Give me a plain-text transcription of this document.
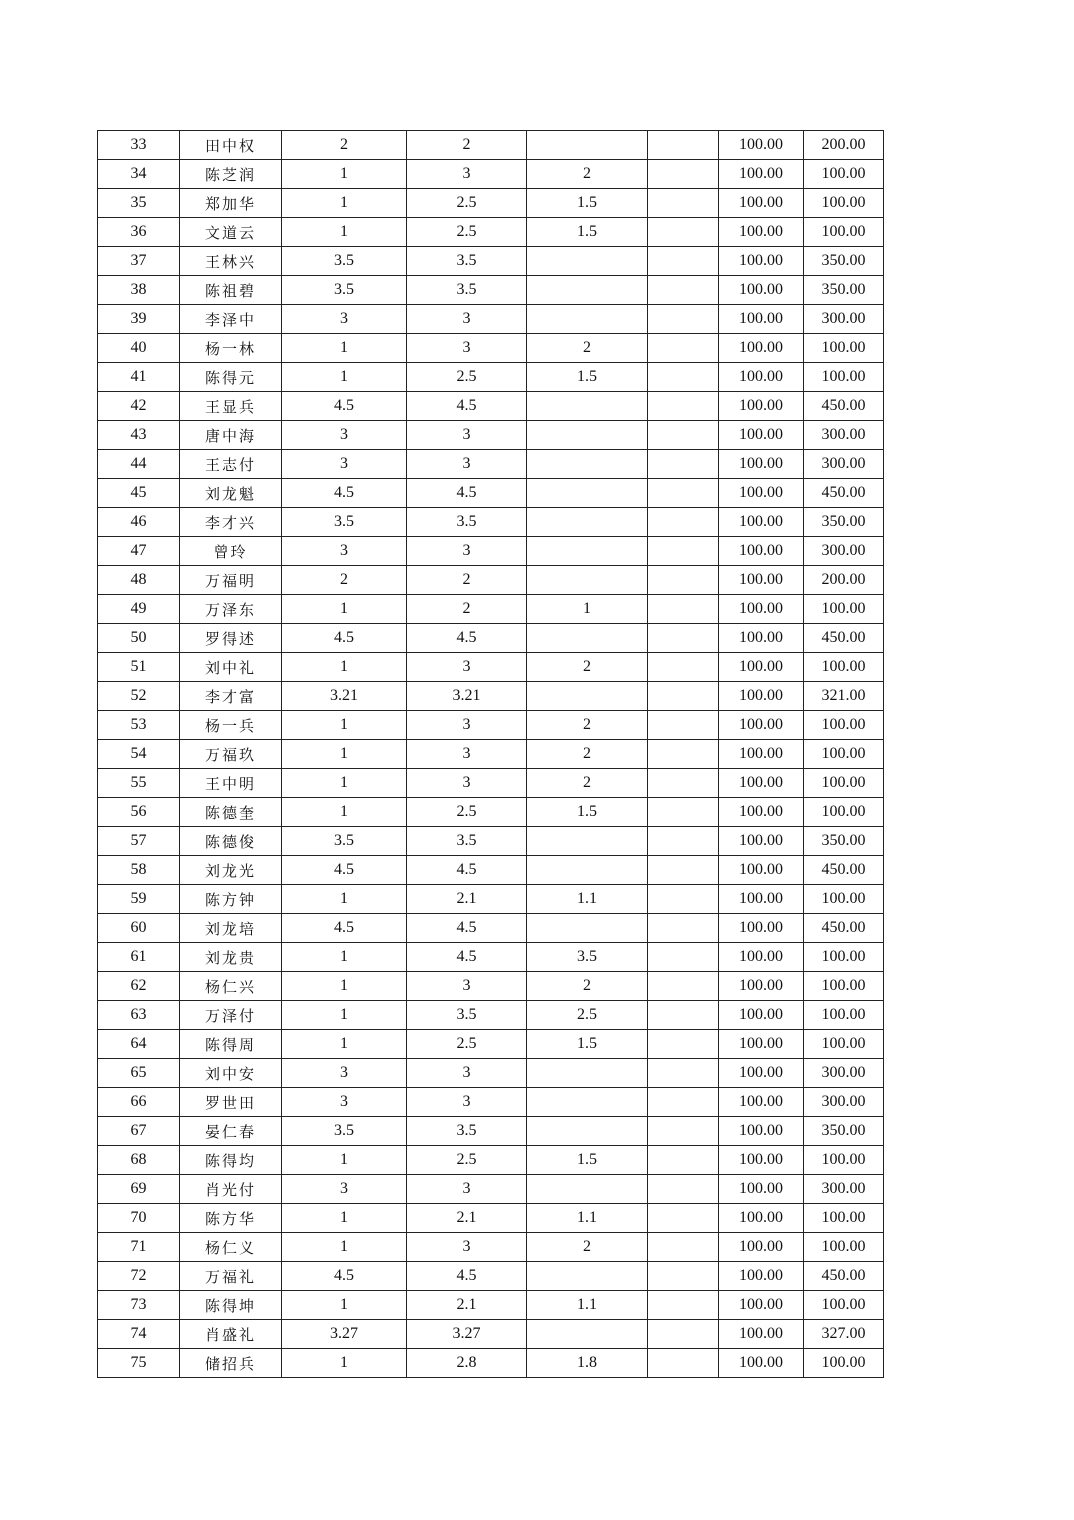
33	田中权	2	2			100.00	200.00
34	陈芝润	1	3	2		100.00	100.00
35	郑加华	1	2.5	1.5		100.00	100.00
36	文道云	1	2.5	1.5		100.00	100.00
37	王林兴	3.5	3.5			100.00	350.00
38	陈祖碧	3.5	3.5			100.00	350.00
39	李泽中	3	3			100.00	300.00
40	杨一林	1	3	2		100.00	100.00
41	陈得元	1	2.5	1.5		100.00	100.00
42	王显兵	4.5	4.5			100.00	450.00
43	唐中海	3	3			100.00	300.00
44	王志付	3	3			100.00	300.00
45	刘龙魁	4.5	4.5			100.00	450.00
46	李才兴	3.5	3.5			100.00	350.00
47	曾玲	3	3			100.00	300.00
48	万福明	2	2			100.00	200.00
49	万泽东	1	2	1		100.00	100.00
50	罗得述	4.5	4.5			100.00	450.00
51	刘中礼	1	3	2		100.00	100.00
52	李才富	3.21	3.21			100.00	321.00
53	杨一兵	1	3	2		100.00	100.00
54	万福玖	1	3	2		100.00	100.00
55	王中明	1	3	2		100.00	100.00
56	陈德奎	1	2.5	1.5		100.00	100.00
57	陈德俊	3.5	3.5			100.00	350.00
58	刘龙光	4.5	4.5			100.00	450.00
59	陈方钟	1	2.1	1.1		100.00	100.00
60	刘龙培	4.5	4.5			100.00	450.00
61	刘龙贵	1	4.5	3.5		100.00	100.00
62	杨仁兴	1	3	2		100.00	100.00
63	万泽付	1	3.5	2.5		100.00	100.00
64	陈得周	1	2.5	1.5		100.00	100.00
65	刘中安	3	3			100.00	300.00
66	罗世田	3	3			100.00	300.00
67	晏仁春	3.5	3.5			100.00	350.00
68	陈得均	1	2.5	1.5		100.00	100.00
69	肖光付	3	3			100.00	300.00
70	陈方华	1	2.1	1.1		100.00	100.00
71	杨仁义	1	3	2		100.00	100.00
72	万福礼	4.5	4.5			100.00	450.00
73	陈得坤	1	2.1	1.1		100.00	100.00
74	肖盛礼	3.27	3.27			100.00	327.00
75	储招兵	1	2.8	1.8		100.00	100.00
